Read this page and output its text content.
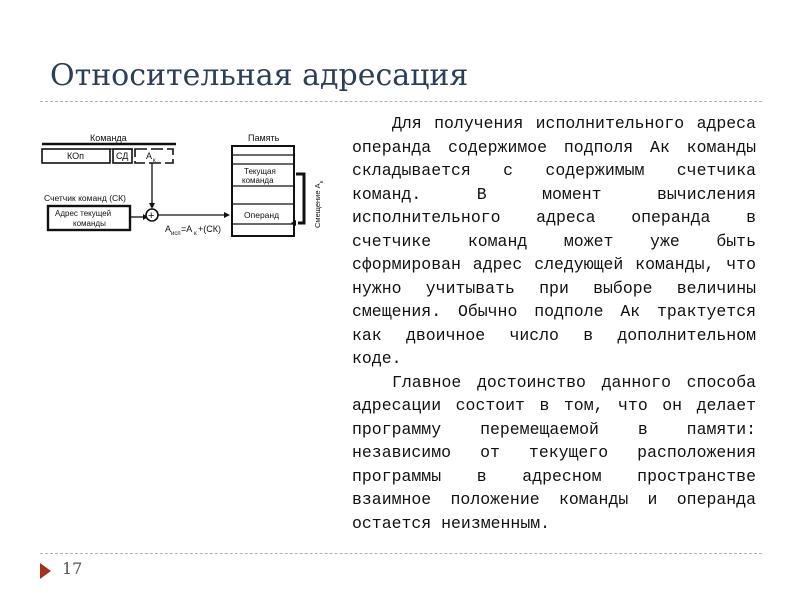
Относительная адресация
Команда
КОп	СД А к
Счетчик команд (СК)
Адрес текущей
команды
+
А исп =А к +(СК)
Память
Текущая
команда
Операнд	Смещение А
к

Для получения исполнительного адреса операнда содержимое подполя Ак команды складывается с содержимым счетчика команд. В момент вычисления исполнительного адреса операнда в счетчике команд может уже быть сформирован адрес следующей команды, что нужно учитывать при выборе величины смещения. Обычно подполе Ак трактуется как двоичное число в дополнительном коде.

Главное достоинство данного способа адресации состоит в том, что он делает программу перемещаемой в памяти: независимо от текущего расположения программы в адресном пространстве взаимное положение команды и операнда остается неизменным.

17
